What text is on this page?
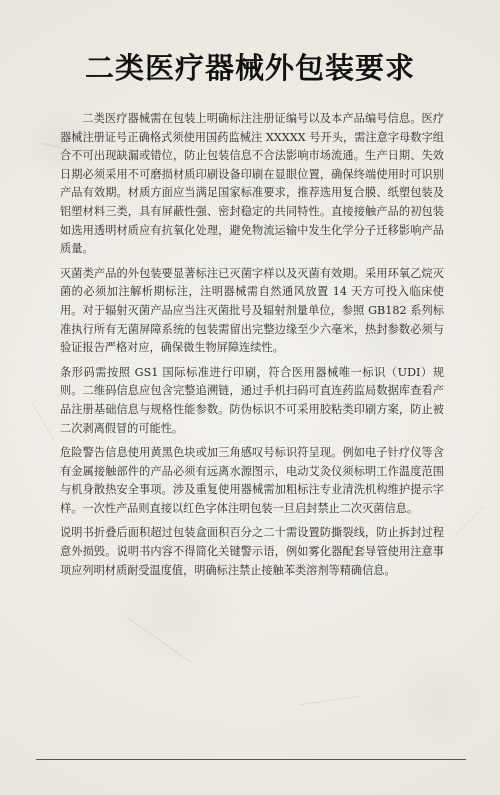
二类医疗器械外包装要求

二类医疗器械需在包装上明确标注注册证编号以及本产品编号信息。医疗器械注册证号正确格式须使用国药监械注 XXXXX 号开头，需注意字母数字组合不可出现缺漏或错位，防止包装信息不合法影响市场流通。生产日期、失效日期必须采用不可磨损材质印刷设备印刷在显眼位置，确保终端使用时可识别产品有效期。材质方面应当满足国家标准要求，推荐选用复合膜、纸塑包装及铝塑材料三类，具有屏蔽性强、密封稳定的共同特性。直接接触产品的初包装如选用透明材质应有抗氧化处理，避免物流运输中发生化学分子迁移影响产品质量。

灭菌类产品的外包装要显著标注已灭菌字样以及灭菌有效期。采用环氧乙烷灭菌的必须加注解析期标注，注明器械需自然通风放置 14 天方可投入临床使用。对于辐射灭菌产品应当注灭菌批号及辐射剂量单位，参照 GB182 系列标准执行所有无菌屏障系统的包装需留出完整边缘至少六毫米，热封参数必须与验证报告严格对应，确保微生物屏障连续性。

条形码需按照 GS1 国际标准进行印刷，符合医用器械唯一标识（UDI）规则。二维码信息应包含完整追溯链，通过手机扫码可直连药监局数据库查看产品注册基础信息与规格性能参数。防伪标识不可采用胶粘类印刷方案，防止被二次剥离假冒的可能性。

危险警告信息使用黄黑色块或加三角感叹号标识符呈现。例如电子针疗仪等含有金属接触部件的产品必须有远离水源图示，电动艾灸仪须标明工作温度范围与机身散热安全事项。涉及重复使用器械需加粗标注专业清洗机构维护提示字样。一次性产品则直接以红色字体注明包装一旦启封禁止二次灭菌信息。

说明书折叠后面积超过包装盒面积百分之二十需设置防撕裂线，防止拆封过程意外损毁。说明书内容不得简化关键警示语，例如雾化器配套导管使用注意事项应列明材质耐受温度值，明确标注禁止接触苯类溶剂等精确信息。
